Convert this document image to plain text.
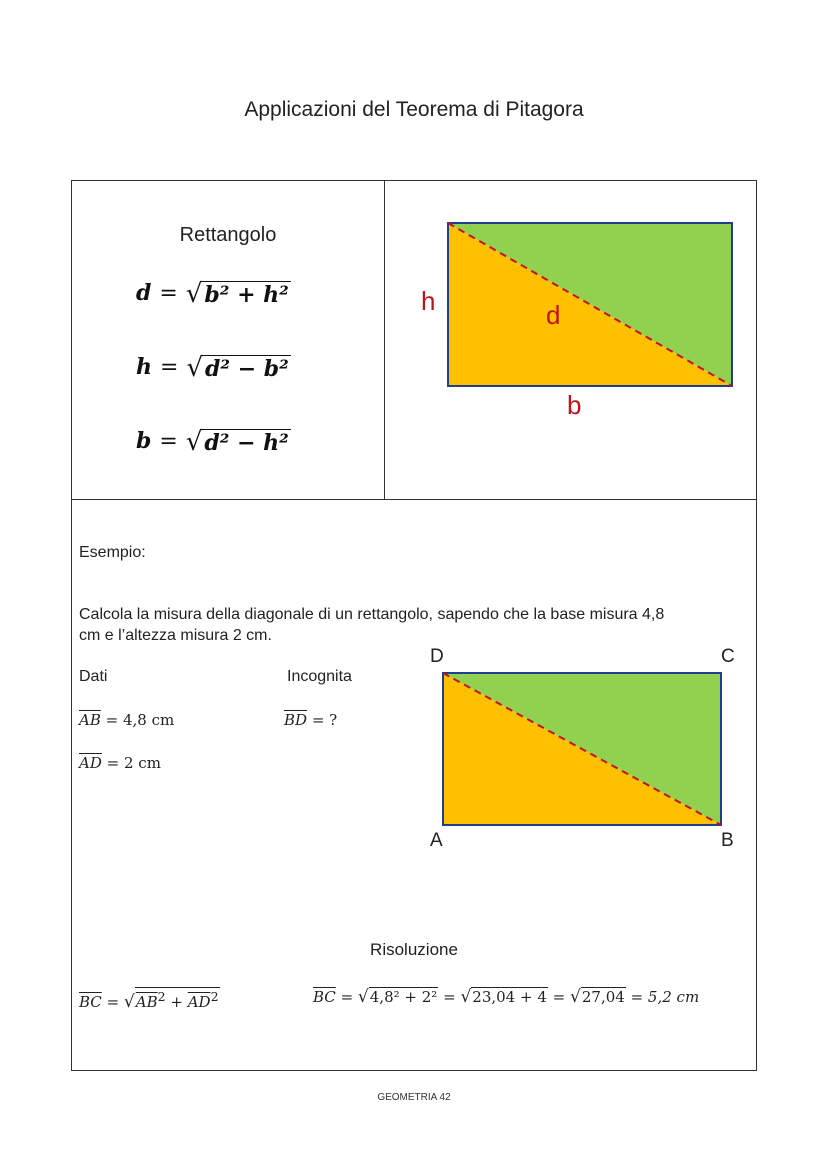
Applicazioni del Teorema di Pitagora
Rettangolo
d = √b² + h²
h = √d² − b²
b = √d² − h²
h	d
b
Esempio:
Calcola la misura della diagonale di un rettangolo, sapendo che la base misura 4,8
cm e l’altezza misura 2 cm.
Dati	Incognita
$\overline{AB} = 4,8$ cm
$\overline{AD} = 2$ cm
$\overline{BD}$ = ?
D	C
A	B
Risoluzione
$\overline{BC} = √AB^2 + \overline{AD}^2$	$\overline{BC} = √4,8^2 + 2^2 = √23,04 + 4 = √27,04 = 5,2$ cm
GEOMETRIA 42
